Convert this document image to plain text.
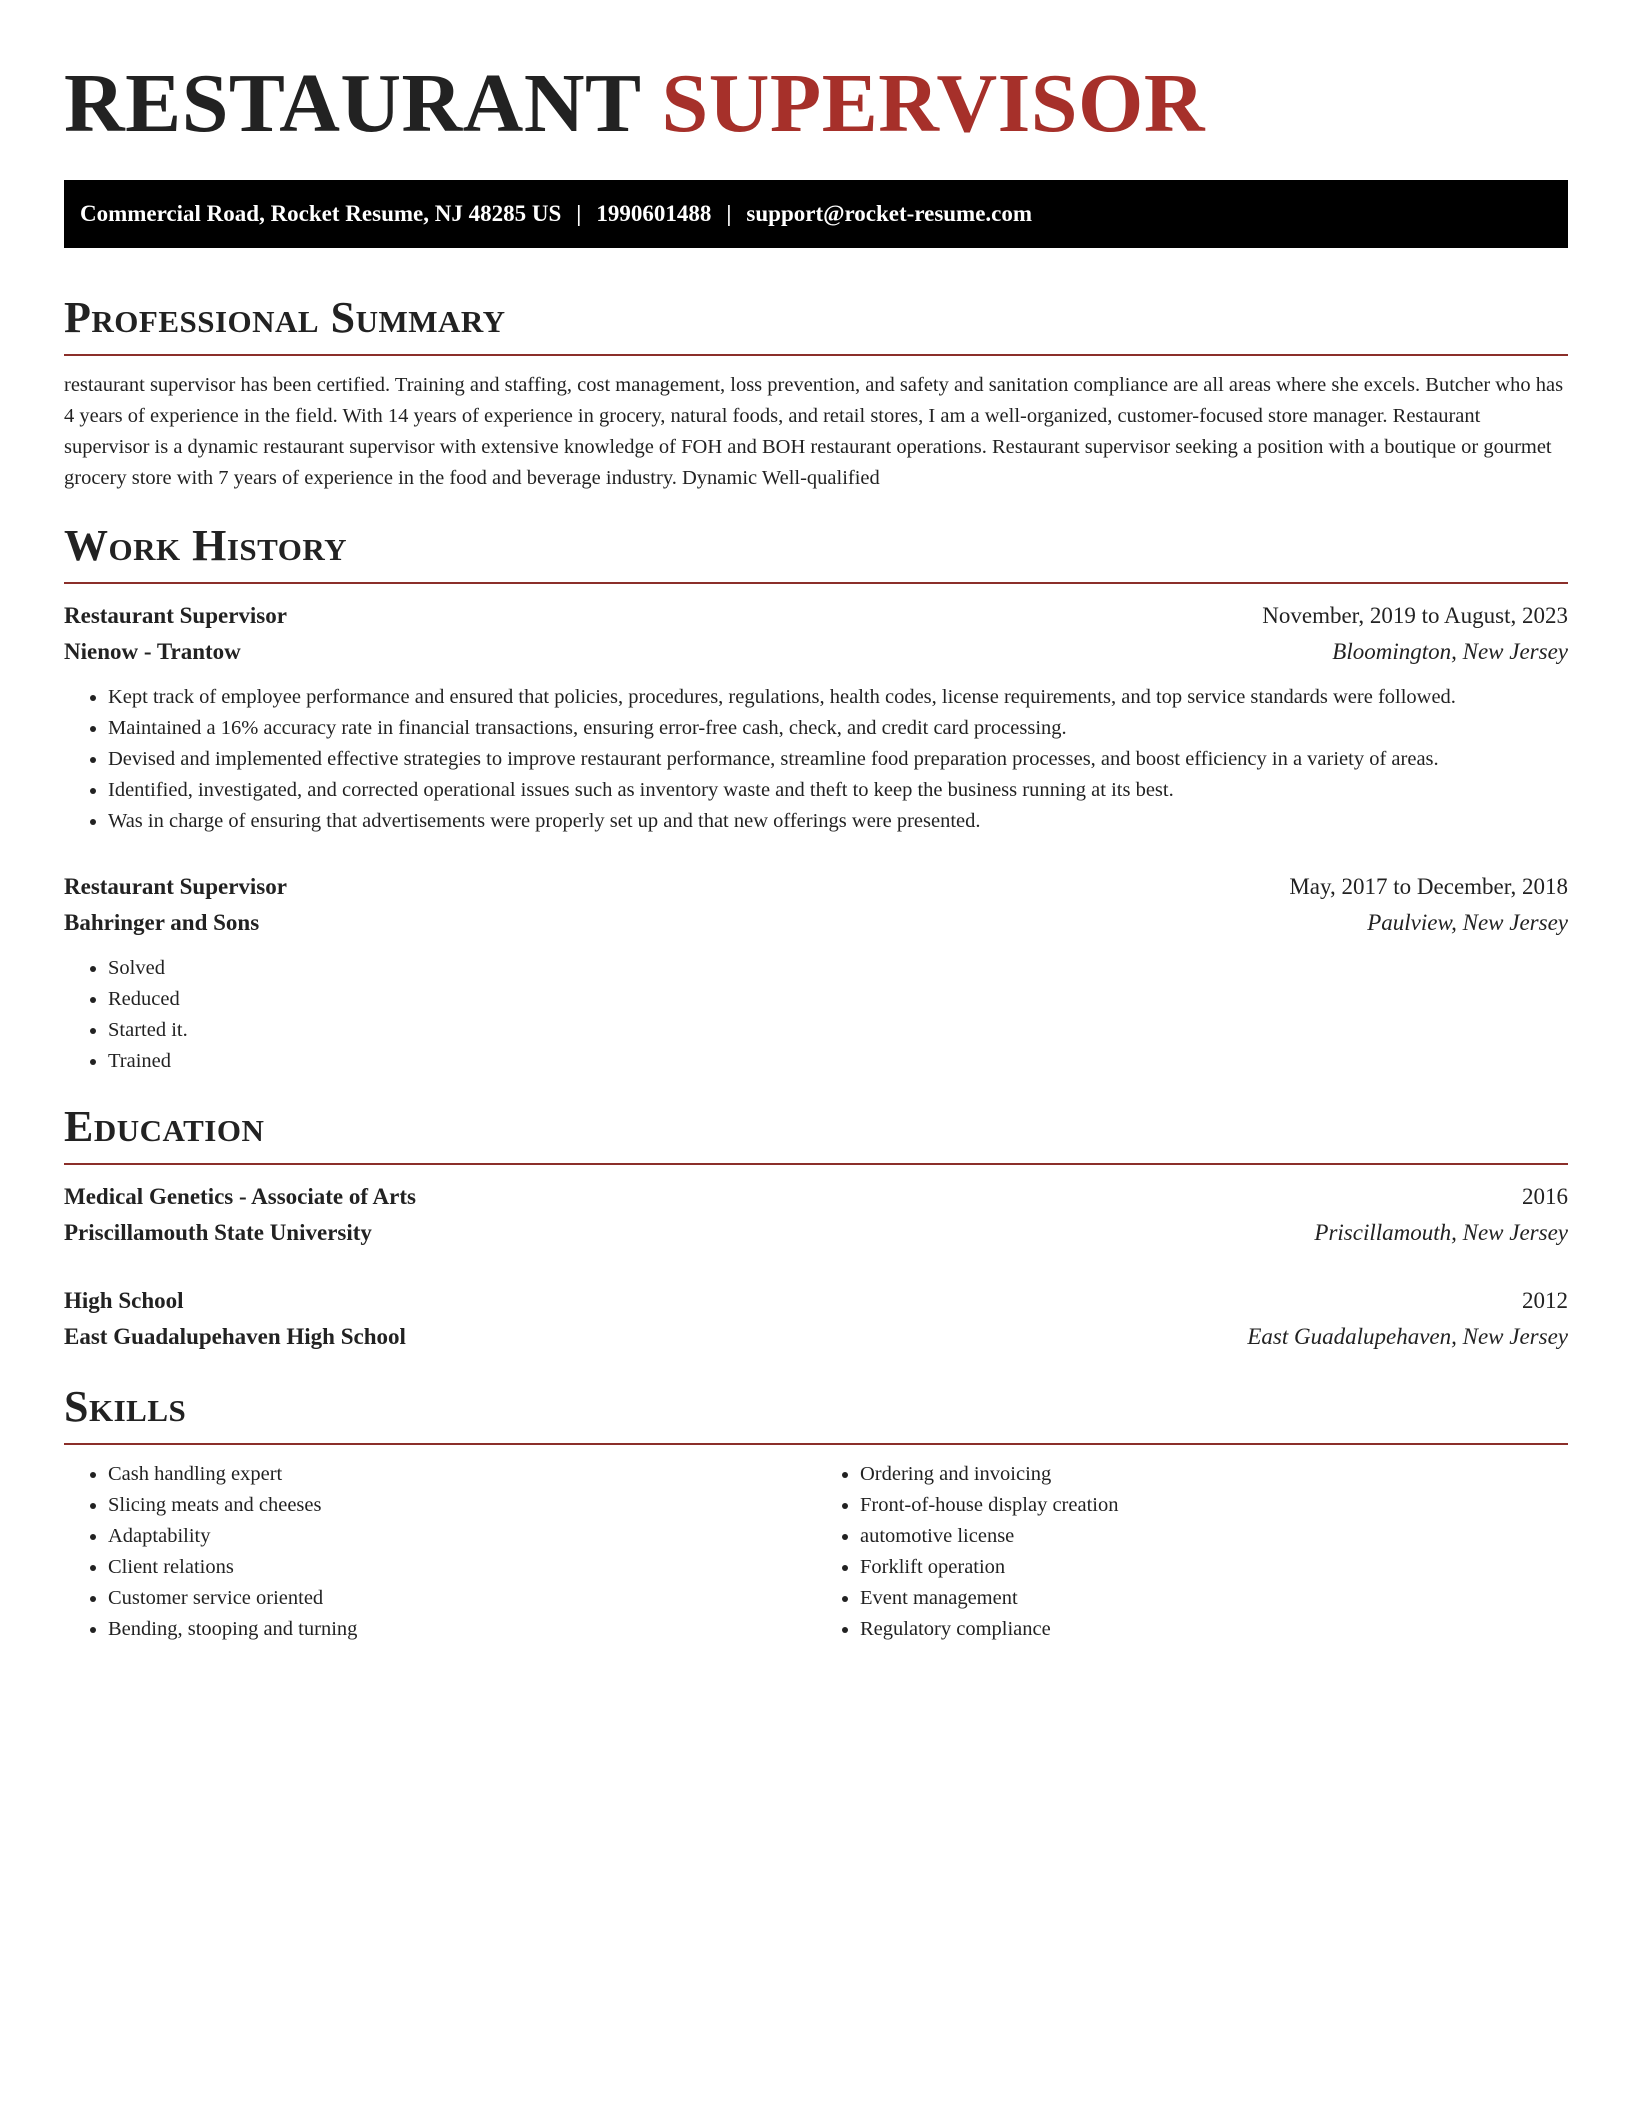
RESTAURANT SUPERVISOR
Commercial Road, Rocket Resume, NJ 48285 US | 1990601488 | support@rocket-resume.com
Professional Summary

restaurant supervisor has been certified. Training and staffing, cost management, loss prevention, and safety and sanitation compliance are all areas where she excels. Butcher who has 4 years of experience in the field. With 14 years of experience in grocery, natural foods, and retail stores, I am a well-organized, customer-focused store manager. Restaurant supervisor is a dynamic restaurant supervisor with extensive knowledge of FOH and BOH restaurant operations. Restaurant supervisor seeking a position with a boutique or gourmet grocery store with 7 years of experience in the food and beverage industry. Dynamic Well-qualified

Work History
Restaurant Supervisor	November, 2019 to August, 2023
Nienow - Trantow	Bloomington, New Jersey
• Kept track of employee performance and ensured that policies, procedures, regulations, health codes, license requirements, and top service standards were followed.
• Maintained a 16% accuracy rate in financial transactions, ensuring error-free cash, check, and credit card processing.
• Devised and implemented effective strategies to improve restaurant performance, streamline food preparation processes, and boost efficiency in a variety of areas.
• Identified, investigated, and corrected operational issues such as inventory waste and theft to keep the business running at its best.
• Was in charge of ensuring that advertisements were properly set up and that new offerings were presented.
Restaurant Supervisor	May, 2017 to December, 2018
Bahringer and Sons	Paulview, New Jersey
• Solved
• Reduced
• Started it.
• Trained
Education
Medical Genetics - Associate of Arts	2016
Priscillamouth State University	Priscillamouth, New Jersey
High School	2012
East Guadalupehaven High School	East Guadalupehaven, New Jersey
Skills
• Cash handling expert
• Slicing meats and cheeses
• Adaptability
• Client relations
• Customer service oriented
• Bending, stooping and turning
• Ordering and invoicing
• Front-of-house display creation
• automotive license
• Forklift operation
• Event management
• Regulatory compliance
